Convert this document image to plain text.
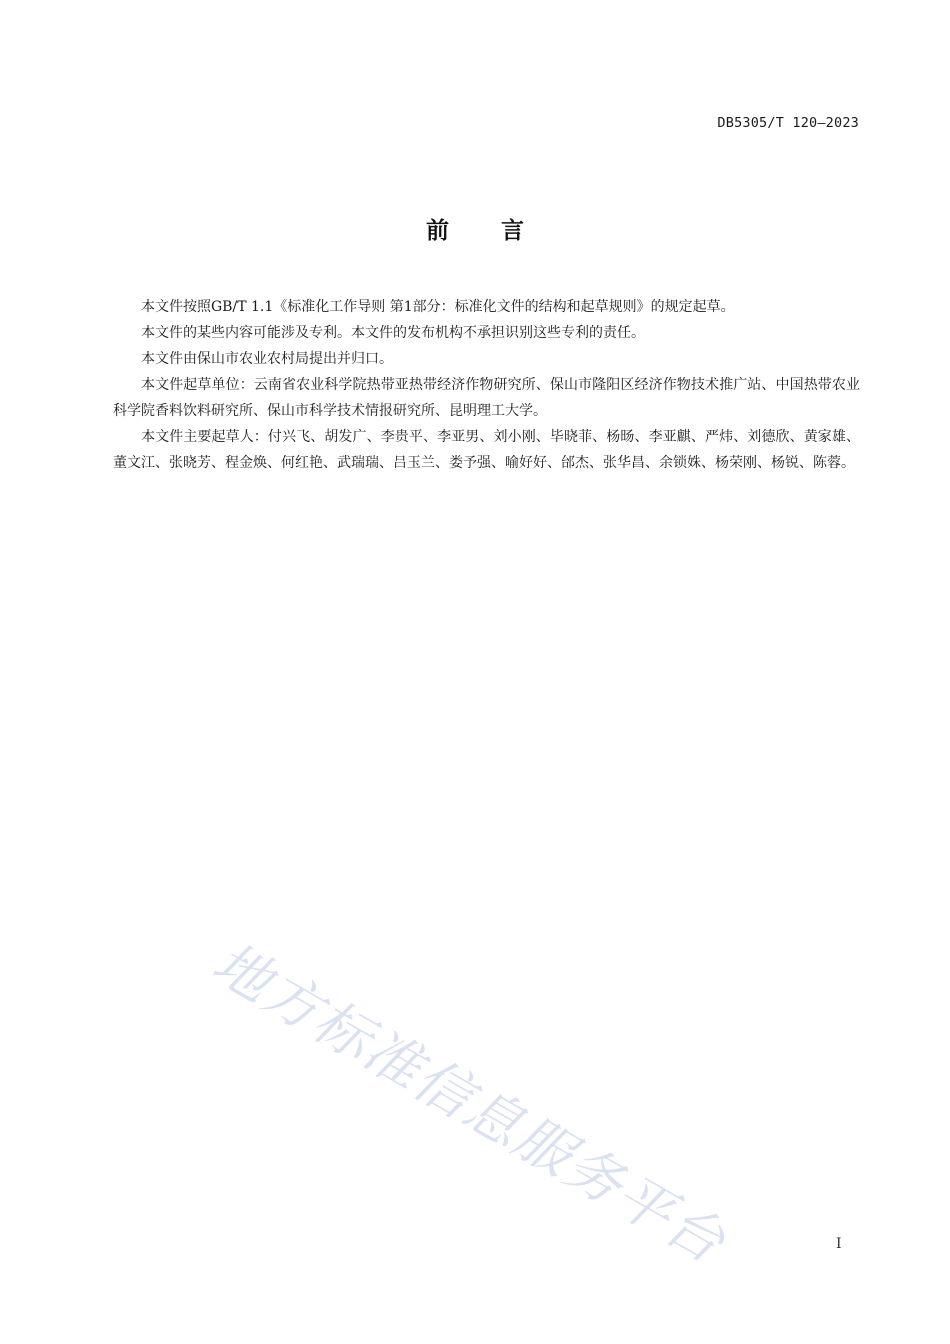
DB5305/T 120—2023
前言

本文件按照GB/T 1.1《标准化工作导则 第1部分：标准化文件的结构和起草规则》的规定起草。

本文件的某些内容可能涉及专利。本文件的发布机构不承担识别这些专利的责任。

本文件由保山市农业农村局提出并归口。

本文件起草单位：云南省农业科学院热带亚热带经济作物研究所、保山市隆阳区经济作物技术推广站、中国热带农业科学院香料饮料研究所、保山市科学技术情报研究所、昆明理工大学。

本文件主要起草人：付兴飞、胡发广、李贵平、李亚男、刘小刚、毕晓菲、杨旸、李亚麒、严炜、刘德欣、黄家雄、董文江、张晓芳、程金焕、何红艳、武瑞瑞、吕玉兰、娄予强、喻好好、邰杰、张华昌、余锁姝、杨荣刚、杨锐、陈蓉。

地方标准信息服务平台	I
